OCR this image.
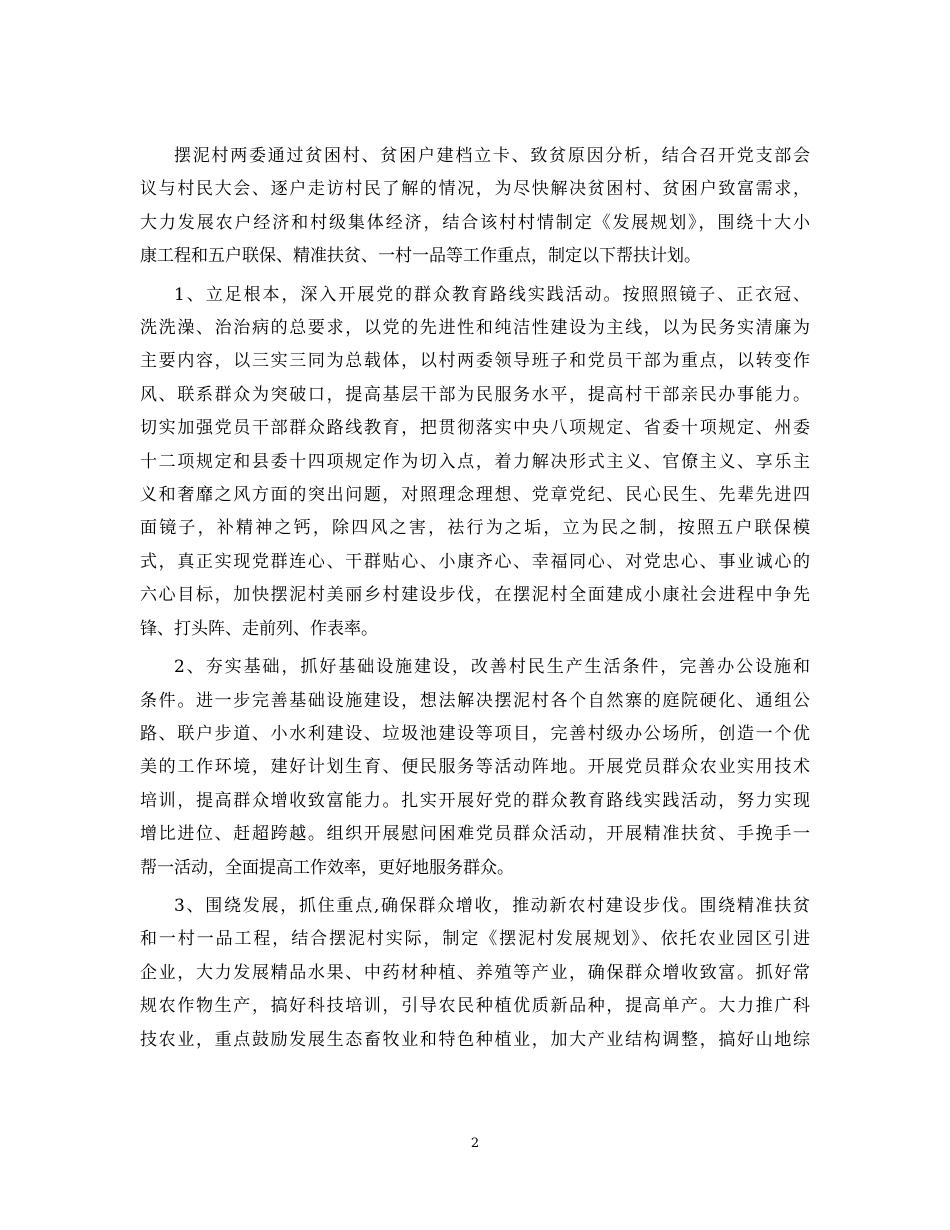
摆泥村两委通过贫困村、贫困户建档立卡、致贫原因分析，结合召开党支部会
议与村民大会、逐户走访村民了解的情况，为尽快解决贫困村、贫困户致富需求，
大力发展农户经济和村级集体经济，结合该村村情制定《发展规划》，围绕十大小
康工程和五户联保、精准扶贫、一村一品等工作重点，制定以下帮扶计划。
1、立足根本，深入开展党的群众教育路线实践活动。按照照镜子、正衣冠、
洗洗澡、治治病的总要求，以党的先进性和纯洁性建设为主线，以为民务实清廉为
主要内容，以三实三同为总载体，以村两委领导班子和党员干部为重点，以转变作
风、联系群众为突破口，提高基层干部为民服务水平，提高村干部亲民办事能力。
切实加强党员干部群众路线教育，把贯彻落实中央八项规定、省委十项规定、州委
十二项规定和县委十四项规定作为切入点，着力解决形式主义、官僚主义、享乐主
义和奢靡之风方面的突出问题，对照理念理想、党章党纪、民心民生、先辈先进四
面镜子，补精神之钙，除四风之害，祛行为之垢，立为民之制，按照五户联保模
式，真正实现党群连心、干群贴心、小康齐心、幸福同心、对党忠心、事业诚心的
六心目标，加快摆泥村美丽乡村建设步伐，在摆泥村全面建成小康社会进程中争先
锋、打头阵、走前列、作表率。
2、夯实基础，抓好基础设施建设，改善村民生产生活条件，完善办公设施和
条件。进一步完善基础设施建设，想法解决摆泥村各个自然寨的庭院硬化、通组公
路、联户步道、小水利建设、垃圾池建设等项目，完善村级办公场所，创造一个优
美的工作环境，建好计划生育、便民服务等活动阵地。开展党员群众农业实用技术
培训，提高群众增收致富能力。扎实开展好党的群众教育路线实践活动，努力实现
增比进位、赶超跨越。组织开展慰问困难党员群众活动，开展精准扶贫、手挽手一
帮一活动，全面提高工作效率，更好地服务群众。
3、围绕发展，抓住重点,确保群众增收，推动新农村建设步伐。围绕精准扶贫
和一村一品工程，结合摆泥村实际，制定《摆泥村发展规划》、依托农业园区引进
企业，大力发展精品水果、中药材种植、养殖等产业，确保群众增收致富。抓好常
规农作物生产，搞好科技培训，引导农民种植优质新品种，提高单产。大力推广科
技农业，重点鼓励发展生态畜牧业和特色种植业，加大产业结构调整，搞好山地综
2
